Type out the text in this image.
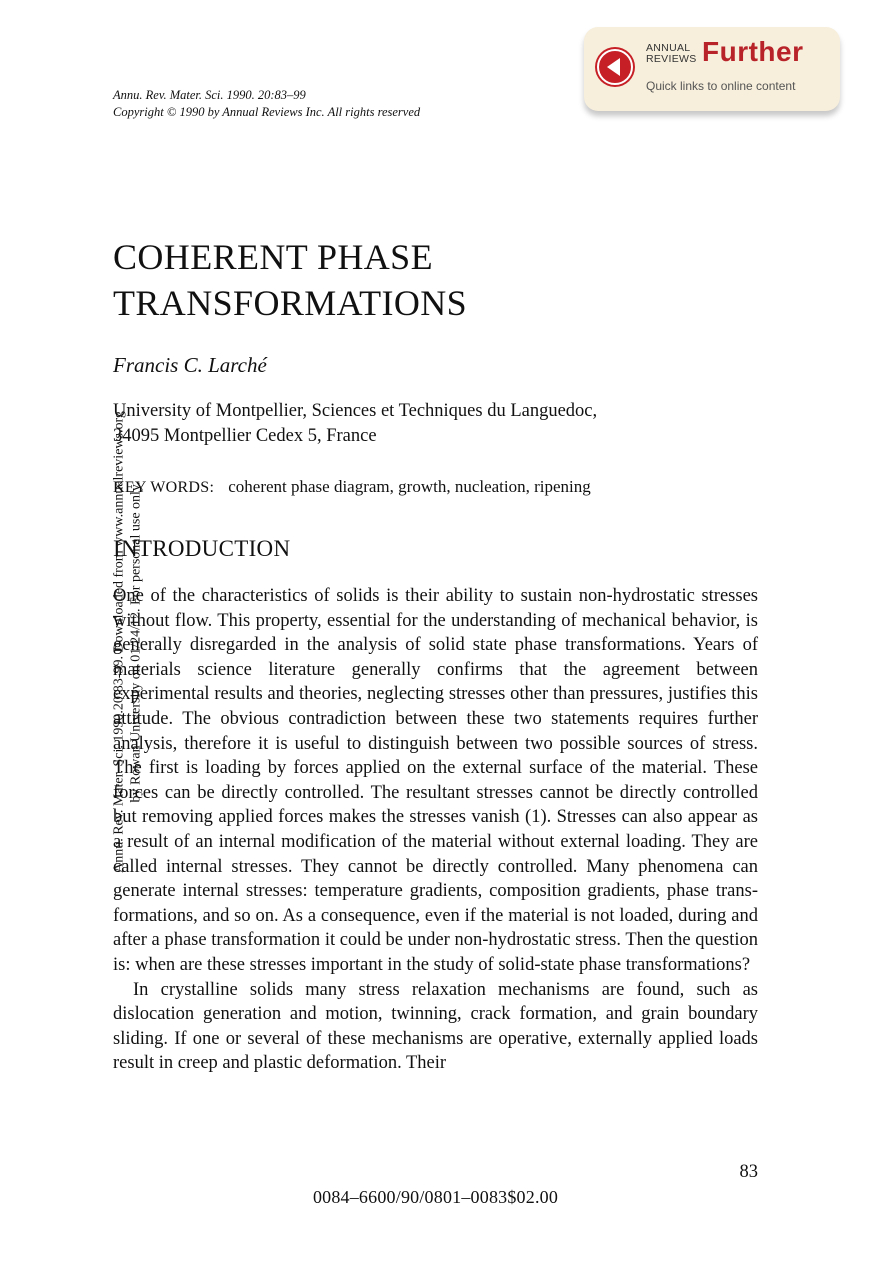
Annu. Rev. Mater. Sci. 1990. 20:83–99
Copyright © 1990 by Annual Reviews Inc. All rights reserved
ANNUAL
REVIEWS Further
Quick links to online content
Annu. Rev. Mater. Sci. 1990.20:83-99. Downloaded from www.annualreviews.org by Rowan University on 01/24/12. For personal use only.
COHERENT PHASE
TRANSFORMATIONS
Francis C. Larché
University of Montpellier, Sciences et Techniques du Languedoc,
34095 Montpellier Cedex 5, France
KEY WORDS: coherent phase diagram, growth, nucleation, ripening
INTRODUCTION

One of the characteristics of solids is their ability to sustain non-hydrostatic stresses without flow. This property, essential for the understanding of mechanical behavior, is generally disregarded in the analysis of solid state phase transformations. Years of materials science literature generally confirms that the agreement between experimental results and theories, neglecting stresses other than pressures, justifies this attitude. The obvious contradiction between these two statements requires further analysis, therefore it is useful to distinguish between two possible sources of stress. The first is loading by forces applied on the external surface of the material. These forces can be directly controlled. The resultant stresses cannot be directly controlled but removing applied forces makes the stresses vanish (1). Stresses can also appear as a result of an internal modification of the material without external loading. They are called internal stresses. They cannot be directly controlled. Many phenomena can generate internal stresses: temperature gradients, composition gradients, phase transformations, and so on. As a consequence, even if the material is not loaded, during and after a phase transformation it could be under non-hydrostatic stress. Then the question is: when are these stresses important in the study of solid-state phase transformations?

In crystalline solids many stress relaxation mechanisms are found, such as dislocation generation and motion, twinning, crack formation, and grain boundary sliding. If one or several of these mechanisms are operative, externally applied loads result in creep and plastic deformation. Their

83
0084–6600/90/0801–0083$02.00
